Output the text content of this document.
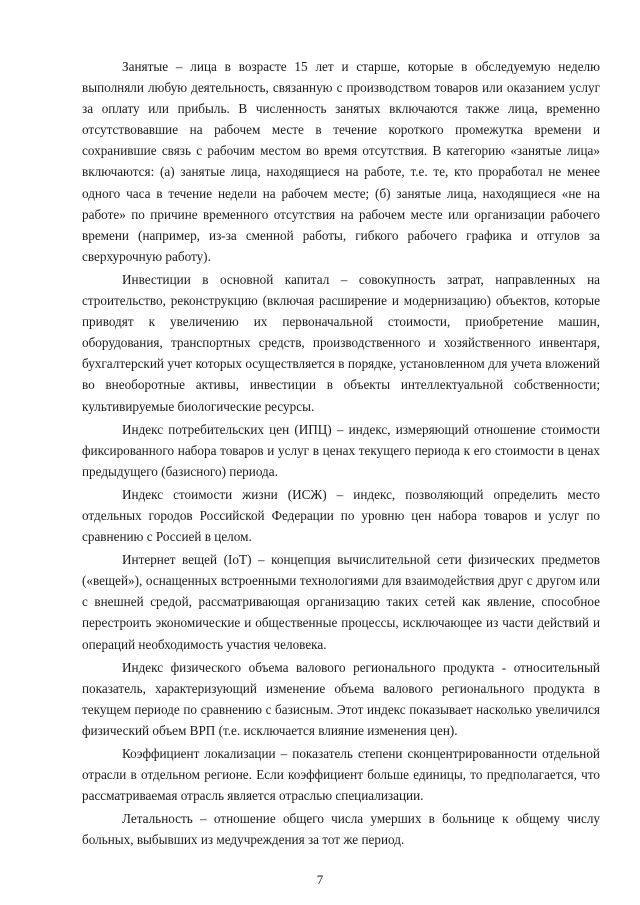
Занятые – лица в возрасте 15 лет и старше, которые в обследуемую неделю выполняли любую деятельность, связанную с производством товаров или оказанием услуг за оплату или прибыль. В численность занятых включаются также лица, временно отсутствовавшие на рабочем месте в течение короткого промежутка времени и сохранившие связь с рабочим местом во время отсутствия. В категорию «занятые лица» включаются: (а) занятые лица, находящиеся на работе, т.е. те, кто проработал не менее одного часа в течение недели на рабочем месте; (б) занятые лица, находящиеся «не на работе» по причине временного отсутствия на рабочем месте или организации рабочего времени (например, из-за сменной работы, гибкого рабочего графика и отгулов за сверхурочную работу).

Инвестиции в основной капитал – совокупность затрат, направленных на строительство, реконструкцию (включая расширение и модернизацию) объектов, которые приводят к увеличению их первоначальной стоимости, приобретение машин, оборудования, транспортных средств, производственного и хозяйственного инвентаря, бухгалтерский учет которых осуществляется в порядке, установленном для учета вложений во внеоборотные активы, инвестиции в объекты интеллектуальной собственности; культивируемые биологические ресурсы.

Индекс потребительских цен (ИПЦ) – индекс, измеряющий отношение стоимости фиксированного набора товаров и услуг в ценах текущего периода к его стоимости в ценах предыдущего (базисного) периода.

Индекс стоимости жизни (ИСЖ) – индекс, позволяющий определить место отдельных городов Российской Федерации по уровню цен набора товаров и услуг по сравнению с Россией в целом.

Интернет вещей (IoT) – концепция вычислительной сети физических предметов («вещей»), оснащенных встроенными технологиями для взаимодействия друг с другом или с внешней средой, рассматривающая организацию таких сетей как явление, способное перестроить экономические и общественные процессы, исключающее из части действий и операций необходимость участия человека.

Индекс физического объема валового регионального продукта - относительный показатель, характеризующий изменение объема валового регионального продукта в текущем периоде по сравнению с базисным. Этот индекс показывает насколько увеличился физический объем ВРП (т.е. исключается влияние изменения цен).

Коэффициент локализации – показатель степени сконцентрированности отдельной отрасли в отдельном регионе. Если коэффициент больше единицы, то предполагается, что рассматриваемая отрасль является отраслью специализации.

Летальность – отношение общего числа умерших в больнице к общему числу больных, выбывших из медучреждения за тот же период.

7
